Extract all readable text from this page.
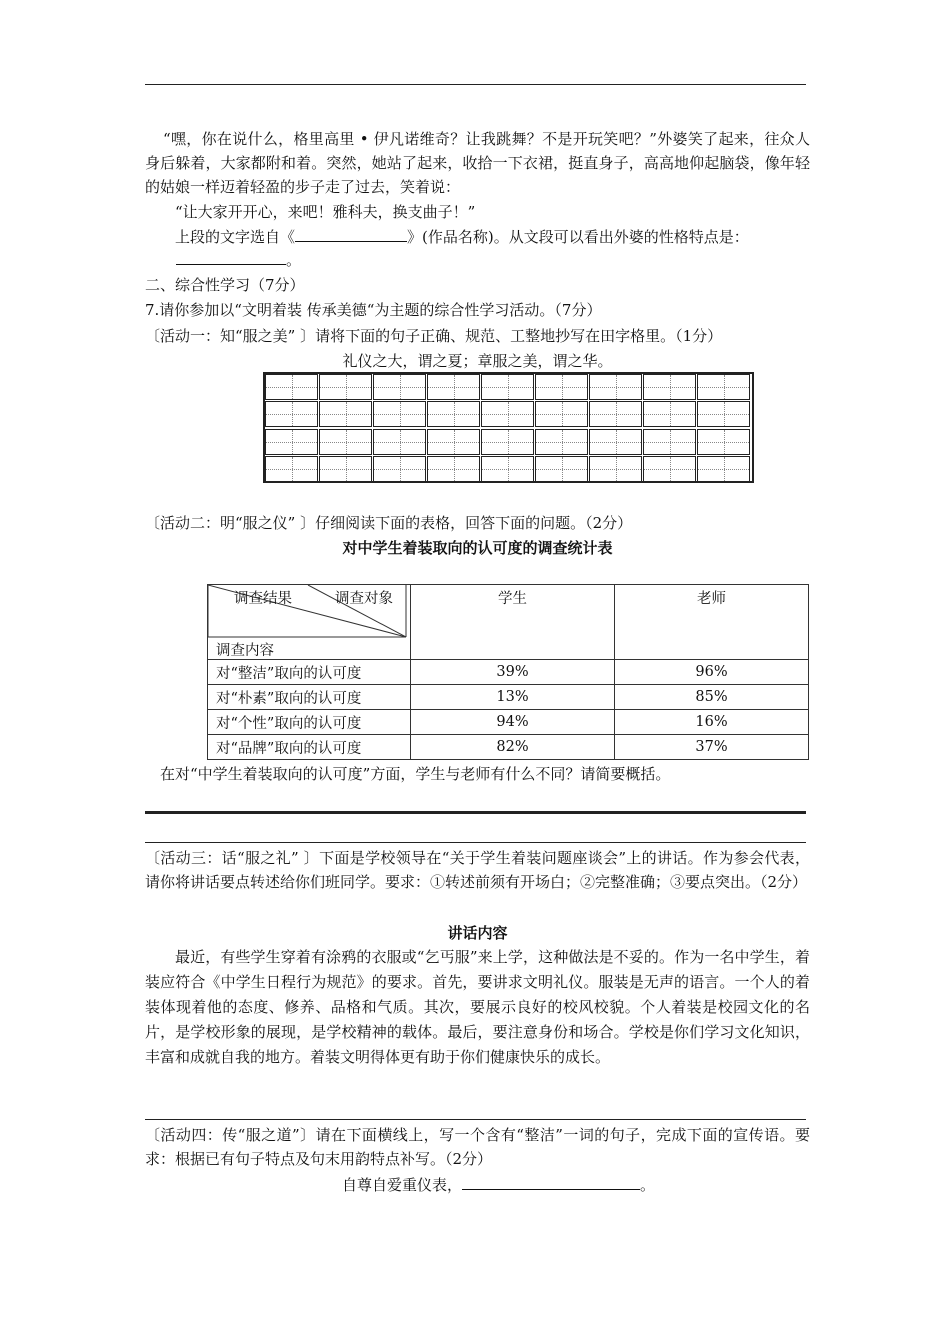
“嘿，你在说什么，格里高里 • 伊凡诺维奇？让我跳舞？不是开玩笑吧？”外婆笑了起来，往众人身后躲着，大家都附和着。突然，她站了起来，收拾一下衣裙，挺直身子，高高地仰起脑袋，像年轻的姑娘一样迈着轻盈的步子走了过去，笑着说：

“让大家开开心，来吧！雅科夫，换支曲子！”

上段的文字选自《	》(作品名称)。从文段可以看出外婆的性格特点是：

。
二、综合性学习（7分）
7.请你参加以“文明着装 传承美德“为主题的综合性学习活动。（7分）
〔活动一：知“服之美” 〕请将下面的句子正确、规范、工整地抄写在田字格里。（1分）
礼仪之大，谓之夏；章服之美，谓之华。
〔活动二：明“服之仪” 〕仔细阅读下面的表格，回答下面的问题。（2分）
对中学生着装取向的认可度的调查统计表
调查结果 调查对象
调查内容	学生	老师
对“整洁”取向的认可度	39%	96%
对“朴素”取向的认可度	13%	85%
对“个性”取向的认可度	94%	16%
对“品牌”取向的认可度	82%	37%
在对“中学生着装取向的认可度”方面，学生与老师有什么不同？请简要概括。

〔活动三：话“服之礼” 〕下面是学校领导在“关于学生着装问题座谈会”上的讲话。作为参会代表，请你将讲话要点转述给你们班同学。要求：①转述前须有开场白；②完整准确；③要点突出。（2分）

讲话内容

最近，有些学生穿着有涂鸦的衣服或“乞丐服”来上学，这种做法是不妥的。作为一名中学生，着装应符合《中学生日程行为规范》的要求。首先，要讲求文明礼仪。服装是无声的语言。一个人的着装体现着他的态度、修养、品格和气质。其次，要展示良好的校风校貌。个人着装是校园文化的名片，是学校形象的展现，是学校精神的载体。最后，要注意身份和场合。学校是你们学习文化知识，丰富和成就自我的地方。着装文明得体更有助于你们健康快乐的成长。

〔活动四：传“服之道”〕请在下面横线上，写一个含有“整洁”一词的句子，完成下面的宣传语。要求：根据已有句子特点及句末用韵特点补写。（2分）

自尊自爱重仪表，	。
